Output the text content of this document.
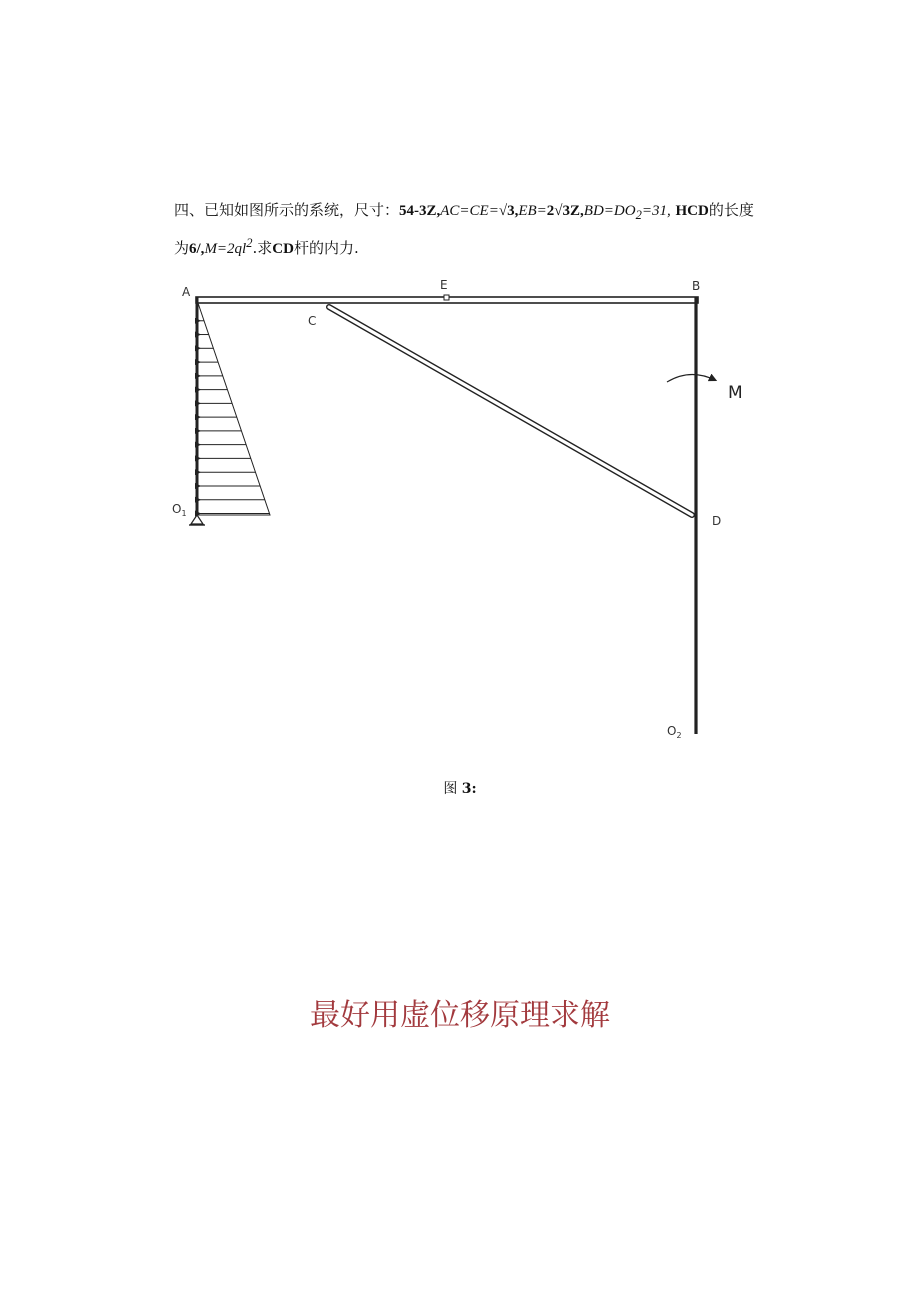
四、已知如图所示的系统，尺寸：$54-3Z,AC=CE=√3,EB=2√3Z,BD=DO_2=31$, HCD的长度为$6/,M=2ql^2$.求CD杆的内力.
A	E	B
C
D
M
$O_1$
$O_2$
图 3:
最好用虚位移原理求解
